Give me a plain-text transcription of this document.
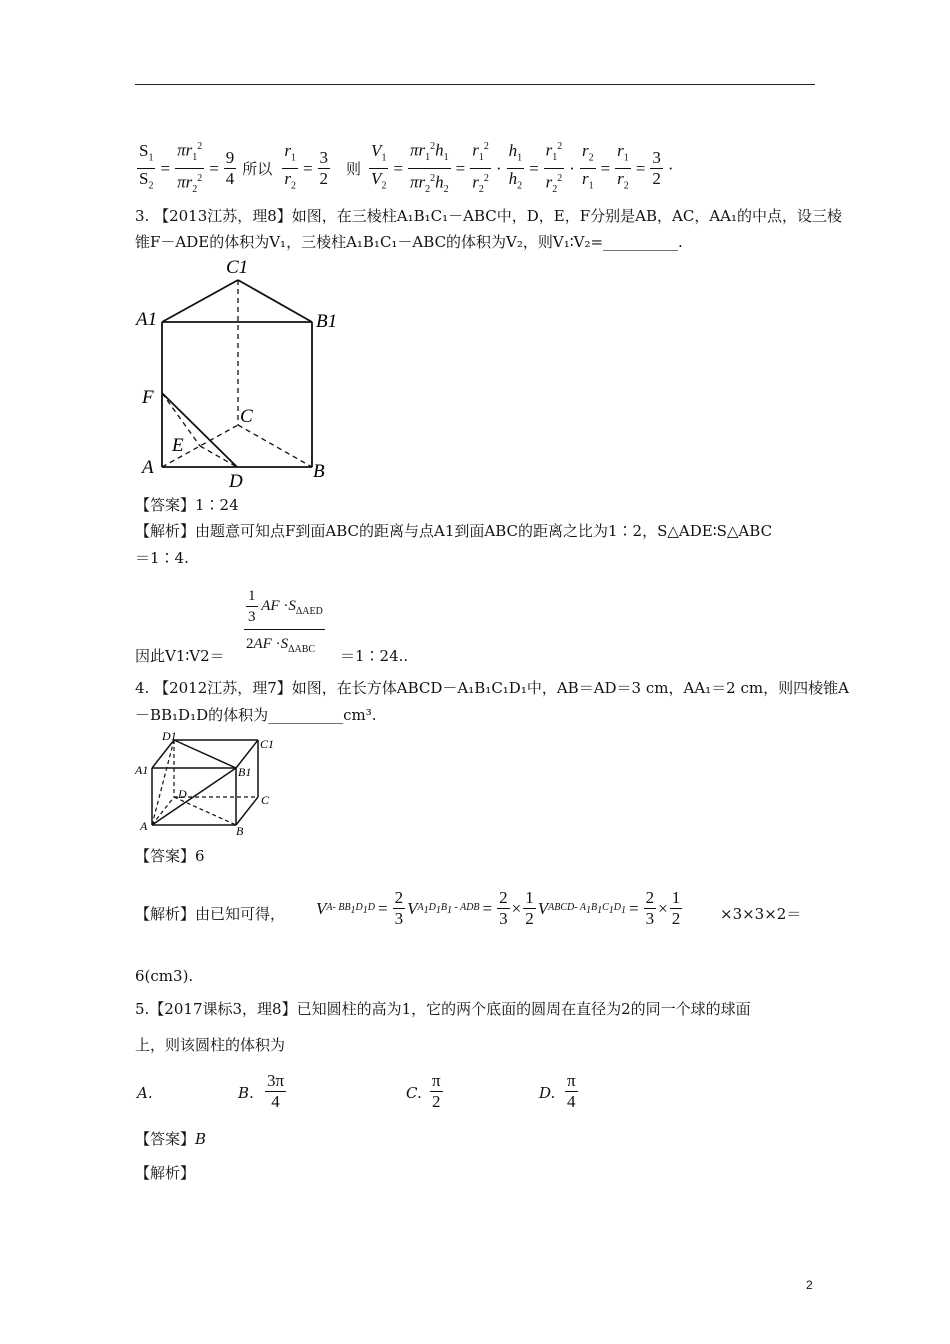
$\frac{S_1}{S_2} = \frac{\pi r_1^2}{\pi r_2^2} = \frac{9}{4}$ 所以 $\frac{r_1}{r_2} = \frac{3}{2}$ 则 $\frac{V_1}{V_2} = \frac{\pi r_1^2h_1}{\pi r_2^2h_2} = \frac{r_1^2}{r_2^2} \cdot \frac{h_1}{h_2} = \frac{r_1^2}{r_2^2} \cdot \frac{r_2}{r_1} = \frac{r_1}{r_2} = \frac{3}{2}$ ·
3. 【2013江苏，理8】如图，在三棱柱A₁B₁C₁－ABC中，D，E，F分别是AB，AC，AA₁的中点，设三棱
锥F－ADE的体积为V₁，三棱柱A₁B₁C₁－ABC的体积为V₂，则V₁∶V₂=__________.
C1
A1	B1
F
C
E
A
D	B
【答案】1∶24
【解析】由题意可知点F到面ABC的距离与点A1到面ABC的距离之比为1∶2，S△ADE∶S△ABC
＝1∶4.
因此V1∶V2＝ $\frac{\frac{1}{3} AF \cdot S_{\Delta AED}}{2AF \cdot S_{\Delta ABC}}$ ＝1∶24..
4. 【2012江苏，理7】如图，在长方体ABCD－A₁B₁C₁D₁中，AB＝AD＝3 cm，AA₁＝2 cm，则四棱锥A
－BB₁D₁D的体积为__________cm³.
D1
C1
A1	B1
D	C
A	B
【答案】6
【解析】由已知可得， V A- $BB_1D_1D = \frac{2}{3}$ V $A_1D_1B_1$ - ADB = $\frac{2}{3} \times \frac{1}{2}$ V ABCD- $A_1B_1C_1D_1 = \frac{2}{3} \times \frac{1}{2}$	×3×3×2＝
6(cm3).
5.【2017课标3，理8】已知圆柱的高为1，它的两个底面的圆周在直径为2的同一个球的球面
上，则该圆柱的体积为
A.	B. $\frac{3\pi}{4}$	C. $\frac{\pi}{2}$	D. $\frac{\pi}{4}$
【答案】B
【解析】
2
